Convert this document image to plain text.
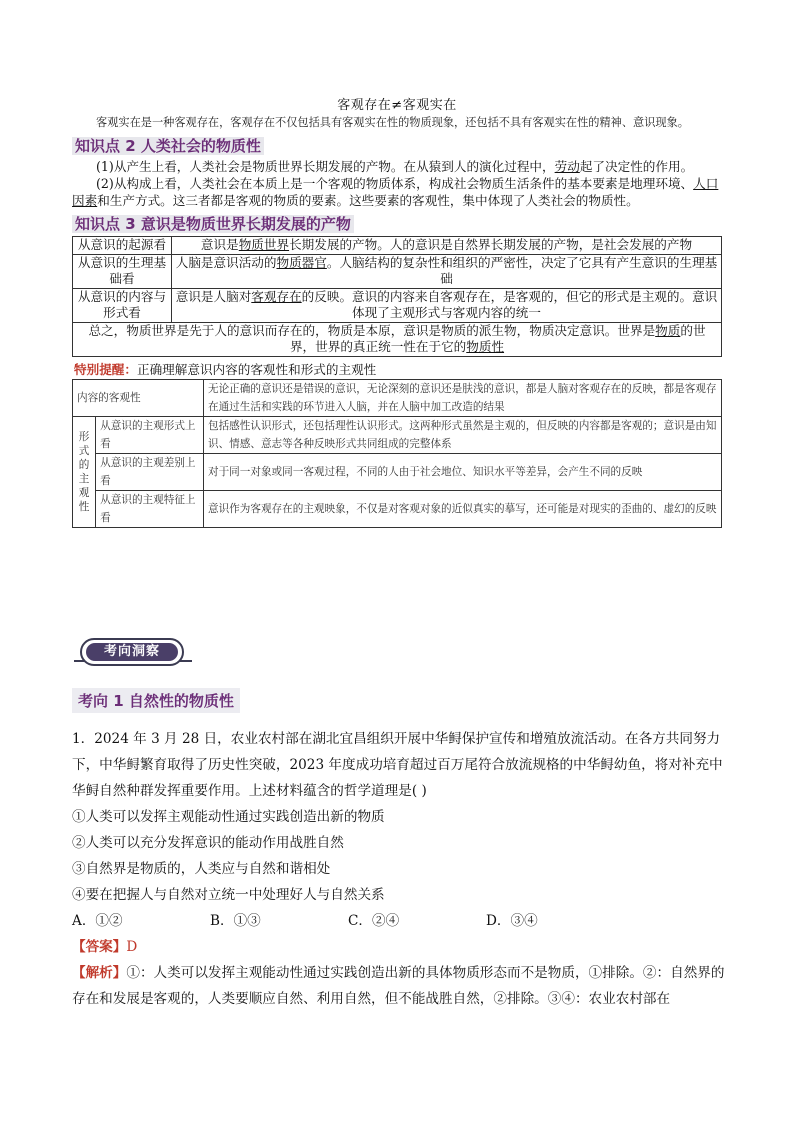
客观存在≠客观实在

客观实在是一种客观存在，客观存在不仅包括具有客观实在性的物质现象，还包括不具有客观实在性的精神、意识现象。

知识点 2 人类社会的物质性

(1)从产生上看，人类社会是物质世界长期发展的产物。在从猿到人的演化过程中，劳动起了决定性的作用。

(2)从构成上看，人类社会在本质上是一个客观的物质体系，构成社会物质生活条件的基本要素是地理环境、人口因素和生产方式。这三者都是客观的物质的要素。这些要素的客观性，集中体现了人类社会的物质性。

知识点 3 意识是物质世界长期发展的产物
从意识的起源看	意识是物质世界长期发展的产物。人的意识是自然界长期发展的产物，是社会发展的产物
从意识的生理基础看	人脑是意识活动的物质器官。人脑结构的复杂性和组织的严密性，决定了它具有产生意识的生理基础
从意识的内容与形式看	意识是人脑对客观存在的反映。意识的内容来自客观存在，是客观的，但它的形式是主观的。意识体现了主观形式与客观内容的统一
总之，物质世界是先于人的意识而存在的，物质是本原，意识是物质的派生物，物质决定意识。世界是物质的世界，世界的真正统一性在于它的物质性	

特别提醒：正确理解意识内容的客观性和形式的主观性

内容的客观性		无论正确的意识还是错误的意识，无论深刻的意识还是肤浅的意识，都是人脑对客观存在的反映，都是客观存在通过生活和实践的环节进入人脑，并在人脑中加工改造的结果
形式的主观性	从意识的主观形式上看	包括感性认识形式，还包括理性认识形式。这两种形式虽然是主观的，但反映的内容都是客观的；意识是由知识、情感、意志等各种反映形式共同组成的完整体系
	从意识的主观差别上看	对于同一对象或同一客观过程，不同的人由于社会地位、知识水平等差异，会产生不同的反映
	从意识的主观特征上看	意识作为客观存在的主观映象，不仅是对客观对象的近似真实的摹写，还可能是对现实的歪曲的、虚幻的反映
考向洞察
考向 1 自然性的物质性

1．2024 年 3 月 28 日，农业农村部在湖北宜昌组织开展中华鲟保护宣传和增殖放流活动。在各方共同努力下，中华鲟繁育取得了历史性突破，2023 年度成功培育超过百万尾符合放流规格的中华鲟幼鱼，将对补充中华鲟自然种群发挥重要作用。上述材料蕴含的哲学道理是( )

①人类可以发挥主观能动性通过实践创造出新的物质

②人类可以充分发挥意识的能动作用战胜自然

③自然界是物质的，人类应与自然和谐相处

④要在把握人与自然对立统一中处理好人与自然关系

A．①②	B．①③	C．②④	D．③④

【答案】D

【解析】①：人类可以发挥主观能动性通过实践创造出新的具体物质形态而不是物质，①排除。②：自然界的存在和发展是客观的，人类要顺应自然、利用自然，但不能战胜自然，②排除。③④：农业农村部在
